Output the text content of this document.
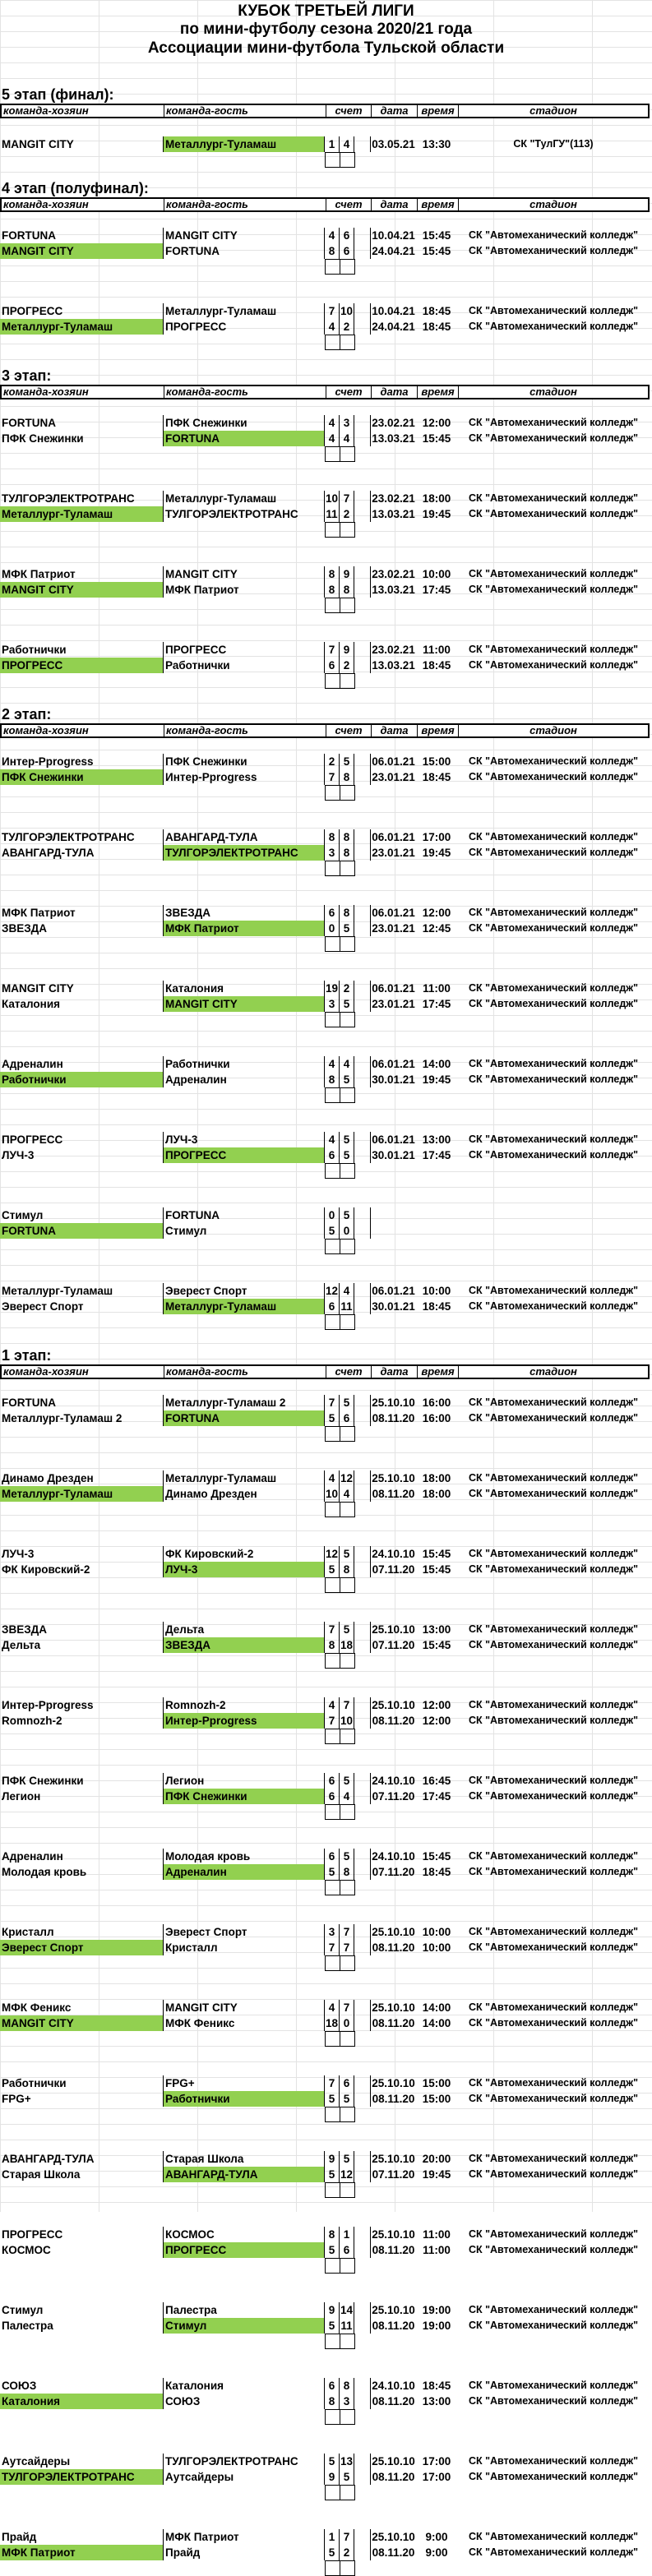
КУБОК ТРЕТЬЕЙ ЛИГИ
по мини-футболу сезона 2020/21 года
Ассоциации мини-футбола Тульской области
5 этап (финал):
команда-хозяин	команда-гость	счет	дата	время	стадион
MANGIT CITY	Металлург-Туламаш	1 4	03.05.21 13:30	СК "ТулГУ"(113)
4 этап (полуфинал):
команда-хозяин	команда-гость	счет	дата	время	стадион
FORTUNA	MANGIT CITY	4 6	10.04.21 15:45	СК "Автомеханический колледж"
MANGIT CITY	FORTUNA	8 6	24.04.21 15:45	СК "Автомеханический колледж"
ПРОГРЕСС	Металлург-Туламаш	7 10 10.04.21 18:45	СК "Автомеханический колледж"
Металлург-Туламаш	ПРОГРЕСС	4 2	24.04.21 18:45	СК "Автомеханический колледж"
3 этап:
команда-хозяин	команда-гость	счет	дата	время	стадион
FORTUNA	ПФК Снежинки	4 3	23.02.21 12:00	СК "Автомеханический колледж"
ПФК Снежинки	FORTUNA	4 4	13.03.21 15:45	СК "Автомеханический колледж"
ТУЛГОРЭЛЕКТРОТРАНС	Металлург-Туламаш	10 7	23.02.21 18:00	СК "Автомеханический колледж"
Металлург-Туламаш	ТУЛГОРЭЛЕКТРОТРАНС	11 2	13.03.21 19:45	СК "Автомеханический колледж"
МФК Патриот	MANGIT CITY	8 9	23.02.21 10:00	СК "Автомеханический колледж"
MANGIT CITY	МФК Патриот	8 8	13.03.21 17:45	СК "Автомеханический колледж"
Работнички	ПРОГРЕСС	7 9	23.02.21 11:00	СК "Автомеханический колледж"
ПРОГРЕСС	Работнички	6 2	13.03.21 18:45	СК "Автомеханический колледж"
2 этап:
команда-хозяин	команда-гость	счет	дата	время	стадион
Интер-Pprogress	ПФК Снежинки	2 5	06.01.21 15:00	СК "Автомеханический колледж"
ПФК Снежинки	Интер-Pprogress	7 8	23.01.21 18:45	СК "Автомеханический колледж"
ТУЛГОРЭЛЕКТРОТРАНС	АВАНГАРД-ТУЛА	8 8	06.01.21 17:00	СК "Автомеханический колледж"
АВАНГАРД-ТУЛА	ТУЛГОРЭЛЕКТРОТРАНС	3 8	23.01.21 19:45	СК "Автомеханический колледж"
МФК Патриот	ЗВЕЗДА	6 8	06.01.21 12:00	СК "Автомеханический колледж"
ЗВЕЗДА	МФК Патриот	0 5	23.01.21 12:45	СК "Автомеханический колледж"
MANGIT CITY	Каталония	19 2	06.01.21 11:00	СК "Автомеханический колледж"
Каталония	MANGIT CITY	3 5	23.01.21 17:45	СК "Автомеханический колледж"
Адреналин	Работнички	4 4	06.01.21 14:00	СК "Автомеханический колледж"
Работнички	Адреналин	8 5	30.01.21 19:45	СК "Автомеханический колледж"
ПРОГРЕСС	ЛУЧ-3	4 5	06.01.21 13:00	СК "Автомеханический колледж"
ЛУЧ-3	ПРОГРЕСС	6 5	30.01.21 17:45	СК "Автомеханический колледж"
Стимул	FORTUNA	0 5
FORTUNA	Стимул	5 0
Металлург-Туламаш	Эверест Спорт	12 4	06.01.21 10:00	СК "Автомеханический колледж"
Эверест Спорт	Металлург-Туламаш	6 11 30.01.21 18:45	СК "Автомеханический колледж"
1 этап:
команда-хозяин	команда-гость	счет	дата	время	стадион
FORTUNA	Металлург-Туламаш 2	7 5	25.10.10 16:00	СК "Автомеханический колледж"
Металлург-Туламаш 2	FORTUNA	5 6	08.11.20 16:00	СК "Автомеханический колледж"
Динамо Дрезден	Металлург-Туламаш	4 12 25.10.10 18:00	СК "Автомеханический колледж"
Металлург-Туламаш	Динамо Дрезден	10 4	08.11.20 18:00	СК "Автомеханический колледж"
ЛУЧ-3	ФК Кировский-2	12 5	24.10.10 15:45	СК "Автомеханический колледж"
ФК Кировский-2	ЛУЧ-3	5 8	07.11.20 15:45	СК "Автомеханический колледж"
ЗВЕЗДА	Дельта	7 5	25.10.10 13:00	СК "Автомеханический колледж"
Дельта	ЗВЕЗДА	8 18 07.11.20 15:45	СК "Автомеханический колледж"
Интер-Pprogress	Romnozh-2	4 7	25.10.10 12:00	СК "Автомеханический колледж"
Romnozh-2	Интер-Pprogress	7 10 08.11.20 12:00	СК "Автомеханический колледж"
ПФК Снежинки	Легион	6 5	24.10.10 16:45	СК "Автомеханический колледж"
Легион	ПФК Снежинки	6 4	07.11.20 17:45	СК "Автомеханический колледж"
Адреналин	Молодая кровь	6 5	24.10.10 15:45	СК "Автомеханический колледж"
Молодая кровь	Адреналин	5 8	07.11.20 18:45	СК "Автомеханический колледж"
Кристалл	Эверест Спорт	3 7	25.10.10 10:00	СК "Автомеханический колледж"
Эверест Спорт	Кристалл	7 7	08.11.20 10:00	СК "Автомеханический колледж"
МФК Феникс	MANGIT CITY	4 7	25.10.10 14:00	СК "Автомеханический колледж"
MANGIT CITY	МФК Феникс	18 0	08.11.20 14:00	СК "Автомеханический колледж"
Работнички	FPG+	7 6	25.10.10 15:00	СК "Автомеханический колледж"
FPG+	Работнички	5 5	08.11.20 15:00	СК "Автомеханический колледж"
АВАНГАРД-ТУЛА	Старая Школа	9 5	25.10.10 20:00	СК "Автомеханический колледж"
Старая Школа	АВАНГАРД-ТУЛА	5 12 07.11.20 19:45	СК "Автомеханический колледж"
ПРОГРЕСС	КОСМОС	8 1	25.10.10 11:00	СК "Автомеханический колледж"
КОСМОС	ПРОГРЕСС	5 6	08.11.20 11:00	СК "Автомеханический колледж"
Стимул	Палестра	9 14 25.10.10 19:00	СК "Автомеханический колледж"
Палестра	Стимул	5 11 08.11.20 19:00	СК "Автомеханический колледж"
СОЮЗ	Каталония	6 8	24.10.10 18:45	СК "Автомеханический колледж"
Каталония	СОЮЗ	8 3	08.11.20 13:00	СК "Автомеханический колледж"
Аутсайдеры	ТУЛГОРЭЛЕКТРОТРАНС	5 13 25.10.10 17:00	СК "Автомеханический колледж"
ТУЛГОРЭЛЕКТРОТРАНС	Аутсайдеры	9 5	08.11.20 17:00	СК "Автомеханический колледж"
Прайд	МФК Патриот	1 7	25.10.10 9:00	СК "Автомеханический колледж"
МФК Патриот	Прайд	5 2	08.11.20 9:00	СК "Автомеханический колледж"
